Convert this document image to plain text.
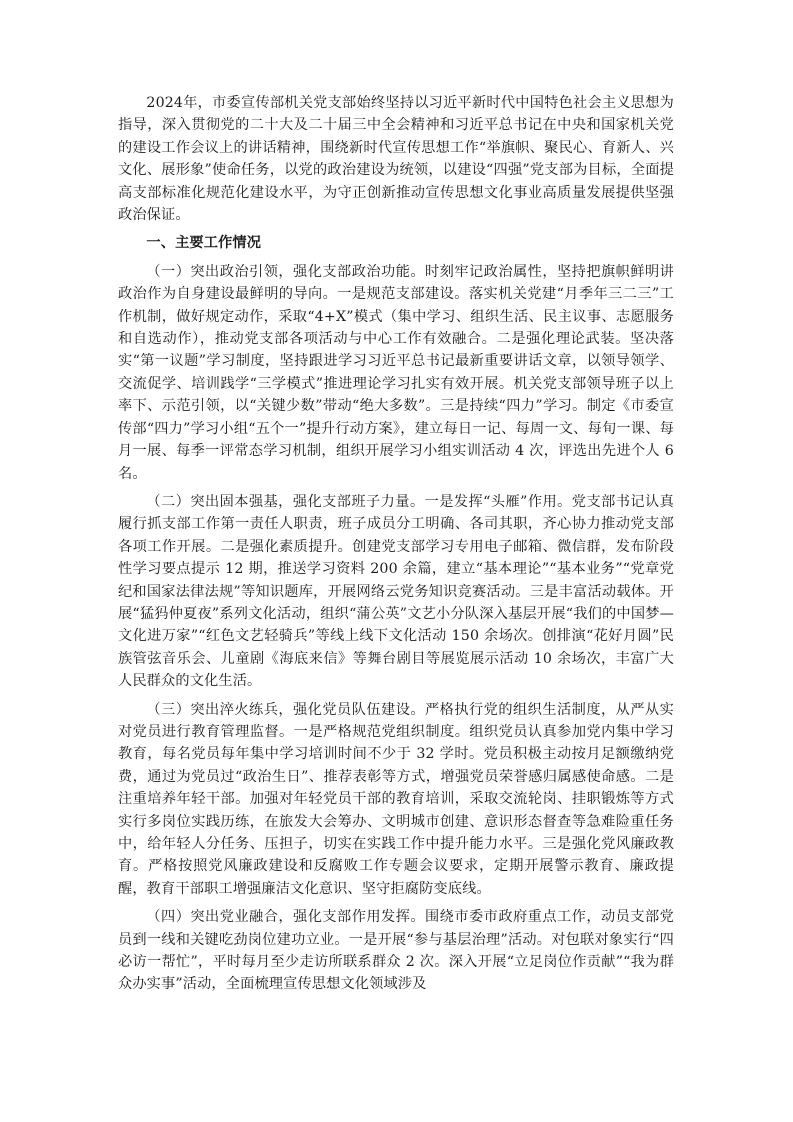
2024年，市委宣传部机关党支部始终坚持以习近平新时代中国特色社会主义思想为指导，深入贯彻党的二十大及二十届三中全会精神和习近平总书记在中央和国家机关党的建设工作会议上的讲话精神，围绕新时代宣传思想工作“举旗帜、聚民心、育新人、兴文化、展形象”使命任务，以党的政治建设为统领，以建设“四强”党支部为目标，全面提高支部标准化规范化建设水平，为守正创新推动宣传思想文化事业高质量发展提供坚强政治保证。

一、主要工作情况

（一）突出政治引领，强化支部政治功能。时刻牢记政治属性，坚持把旗帜鲜明讲政治作为自身建设最鲜明的导向。一是规范支部建设。落实机关党建“月季年三二三”工作机制，做好规定动作，采取“4+X”模式（集中学习、组织生活、民主议事、志愿服务和自选动作），推动党支部各项活动与中心工作有效融合。二是强化理论武装。坚决落实“第一议题”学习制度，坚持跟进学习习近平总书记最新重要讲话文章，以领导领学、交流促学、培训践学“三学模式”推进理论学习扎实有效开展。机关党支部领导班子以上率下、示范引领，以“关键少数”带动“绝大多数”。三是持续“四力”学习。制定《市委宣传部“四力”学习小组“五个一”提升行动方案》，建立每日一记、每周一文、每旬一课、每月一展、每季一评常态学习机制，组织开展学习小组实训活动 4 次，评选出先进个人 6 名。

（二）突出固本强基，强化支部班子力量。一是发挥“头雁”作用。党支部书记认真履行抓支部工作第一责任人职责，班子成员分工明确、各司其职，齐心协力推动党支部各项工作开展。二是强化素质提升。创建党支部学习专用电子邮箱、微信群，发布阶段性学习要点提示 12 期，推送学习资料 200 余篇，建立“基本理论”“基本业务”“党章党纪和国家法律法规”等知识题库，开展网络云党务知识竞赛活动。三是丰富活动载体。开展“猛犸仲夏夜”系列文化活动，组织“蒲公英”文艺小分队深入基层开展“我们的中国梦—文化进万家”“红色文艺轻骑兵”等线上线下文化活动 150 余场次。创排演“花好月圆”民族管弦音乐会、儿童剧《海底来信》等舞台剧目等展览展示活动 10 余场次，丰富广大人民群众的文化生活。

（三）突出淬火练兵，强化党员队伍建设。严格执行党的组织生活制度，从严从实对党员进行教育管理监督。一是严格规范党组织制度。组织党员认真参加党内集中学习教育，每名党员每年集中学习培训时间不少于 32 学时。党员积极主动按月足额缴纳党费，通过为党员过“政治生日”、推荐表彰等方式，增强党员荣誉感归属感使命感。二是注重培养年轻干部。加强对年轻党员干部的教育培训，采取交流轮岗、挂职锻炼等方式实行多岗位实践历练，在旅发大会筹办、文明城市创建、意识形态督查等急难险重任务中，给年轻人分任务、压担子，切实在实践工作中提升能力水平。三是强化党风廉政教育。严格按照党风廉政建设和反腐败工作专题会议要求，定期开展警示教育、廉政提醒，教育干部职工增强廉洁文化意识、坚守拒腐防变底线。

（四）突出党业融合，强化支部作用发挥。围绕市委市政府重点工作，动员支部党员到一线和关键吃劲岗位建功立业。一是开展“参与基层治理”活动。对包联对象实行“四必访一帮忙”，平时每月至少走访所联系群众 2 次。深入开展“立足岗位作贡献”“我为群众办实事”活动，全面梳理宣传思想文化领域涉及
